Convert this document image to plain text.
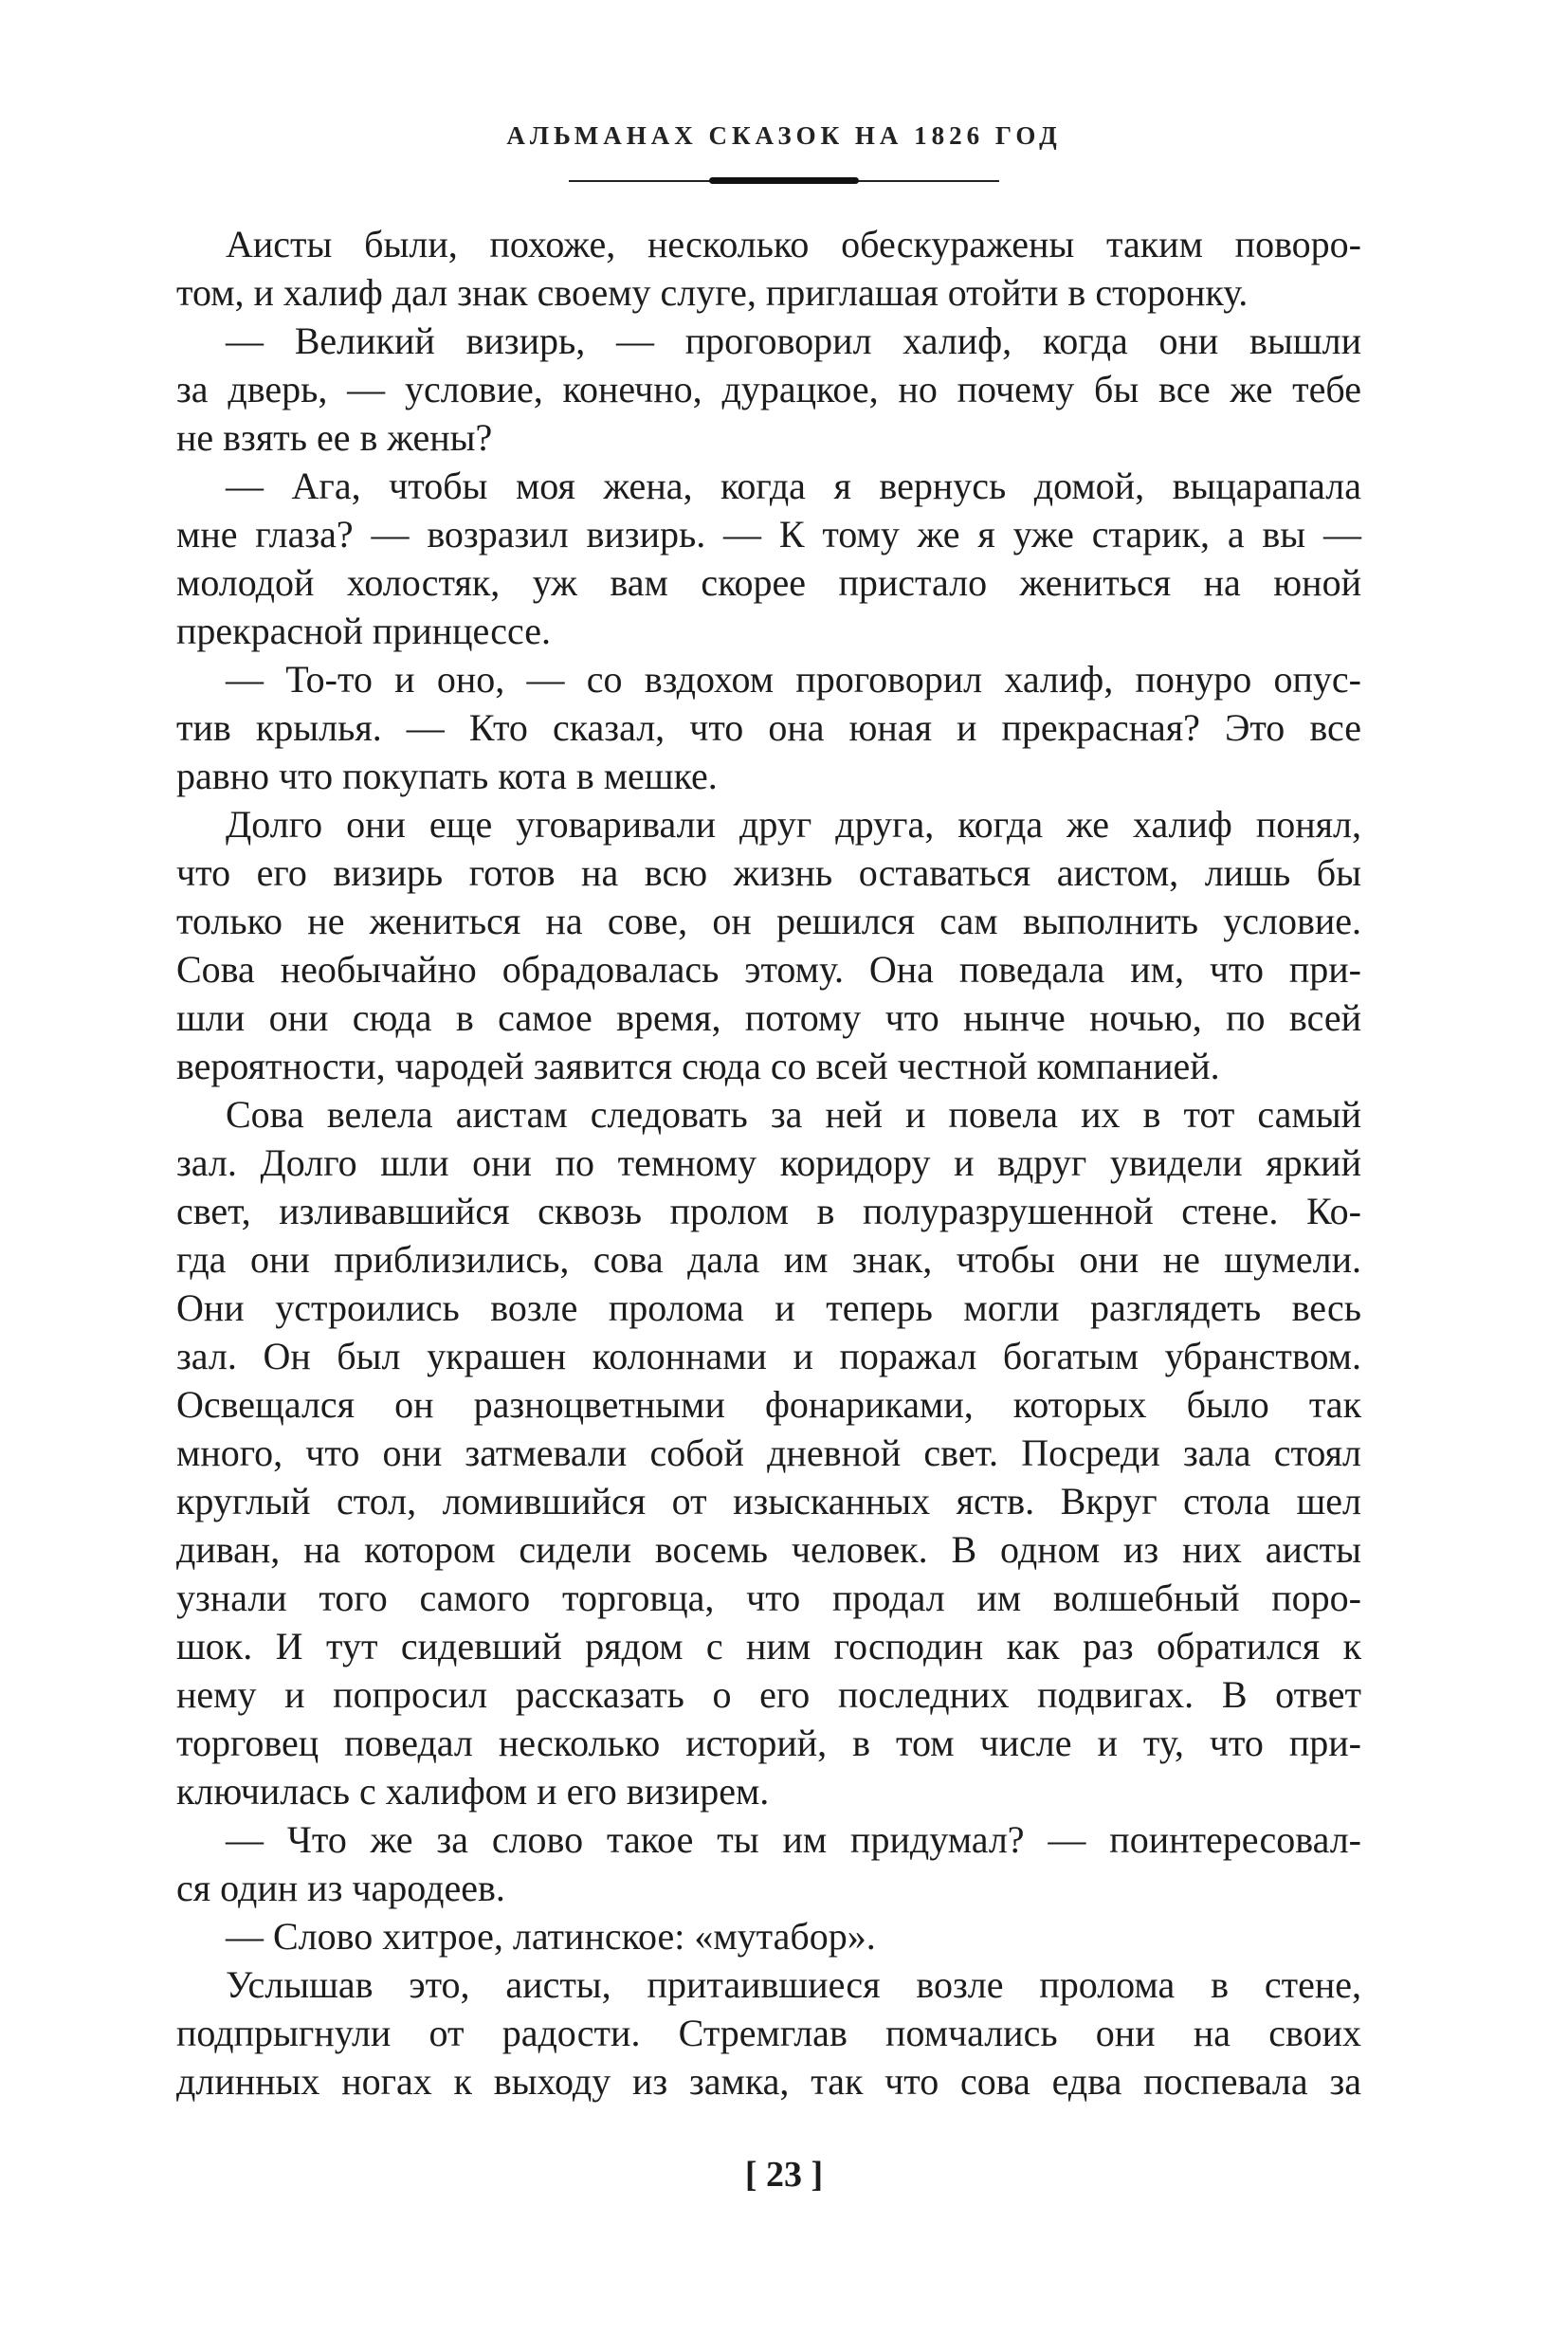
АЛЬМАНАХ СКАЗОК НА 1826 ГОД
Аисты были, похоже, несколько обескуражены таким поворо-
том, и халиф дал знак своему слуге, приглашая отойти в сторонку.
— Великий визирь, — проговорил халиф, когда они вышли
за дверь, — условие, конечно, дурацкое, но почему бы все же тебе
не взять ее в жены?
— Ага, чтобы моя жена, когда я вернусь домой, выцарапала
мне глаза? — возразил визирь. — К тому же я уже старик, а вы —
молодой холостяк, уж вам скорее пристало жениться на юной
прекрасной принцессе.
— То-то и оно, — со вздохом проговорил халиф, понуро опус-
тив крылья. — Кто сказал, что она юная и прекрасная? Это все
равно что покупать кота в мешке.
Долго они еще уговаривали друг друга, когда же халиф понял,
что его визирь готов на всю жизнь оставаться аистом, лишь бы
только не жениться на сове, он решился сам выполнить условие.
Сова необычайно обрадовалась этому. Она поведала им, что при-
шли они сюда в самое время, потому что нынче ночью, по всей
вероятности, чародей заявится сюда со всей честной компанией.
Сова велела аистам следовать за ней и повела их в тот самый
зал. Долго шли они по темному коридору и вдруг увидели яркий
свет, изливавшийся сквозь пролом в полуразрушенной стене. Ко-
гда они приблизились, сова дала им знак, чтобы они не шумели.
Они устроились возле пролома и теперь могли разглядеть весь
зал. Он был украшен колоннами и поражал богатым убранством.
Освещался он разноцветными фонариками, которых было так
много, что они затмевали собой дневной свет. Посреди зала стоял
круглый стол, ломившийся от изысканных яств. Вкруг стола шел
диван, на котором сидели восемь человек. В одном из них аисты
узнали того самого торговца, что продал им волшебный поро-
шок. И тут сидевший рядом с ним господин как раз обратился к
нему и попросил рассказать о его последних подвигах. В ответ
торговец поведал несколько историй, в том числе и ту, что при-
ключилась с халифом и его визирем.
— Что же за слово такое ты им придумал? — поинтересовал-
ся один из чародеев.
— Слово хитрое, латинское: «мутабор».
Услышав это, аисты, притаившиеся возле пролома в стене,
подпрыгнули от радости. Стремглав помчались они на своих
длинных ногах к выходу из замка, так что сова едва поспевала за
[ 23 ]
